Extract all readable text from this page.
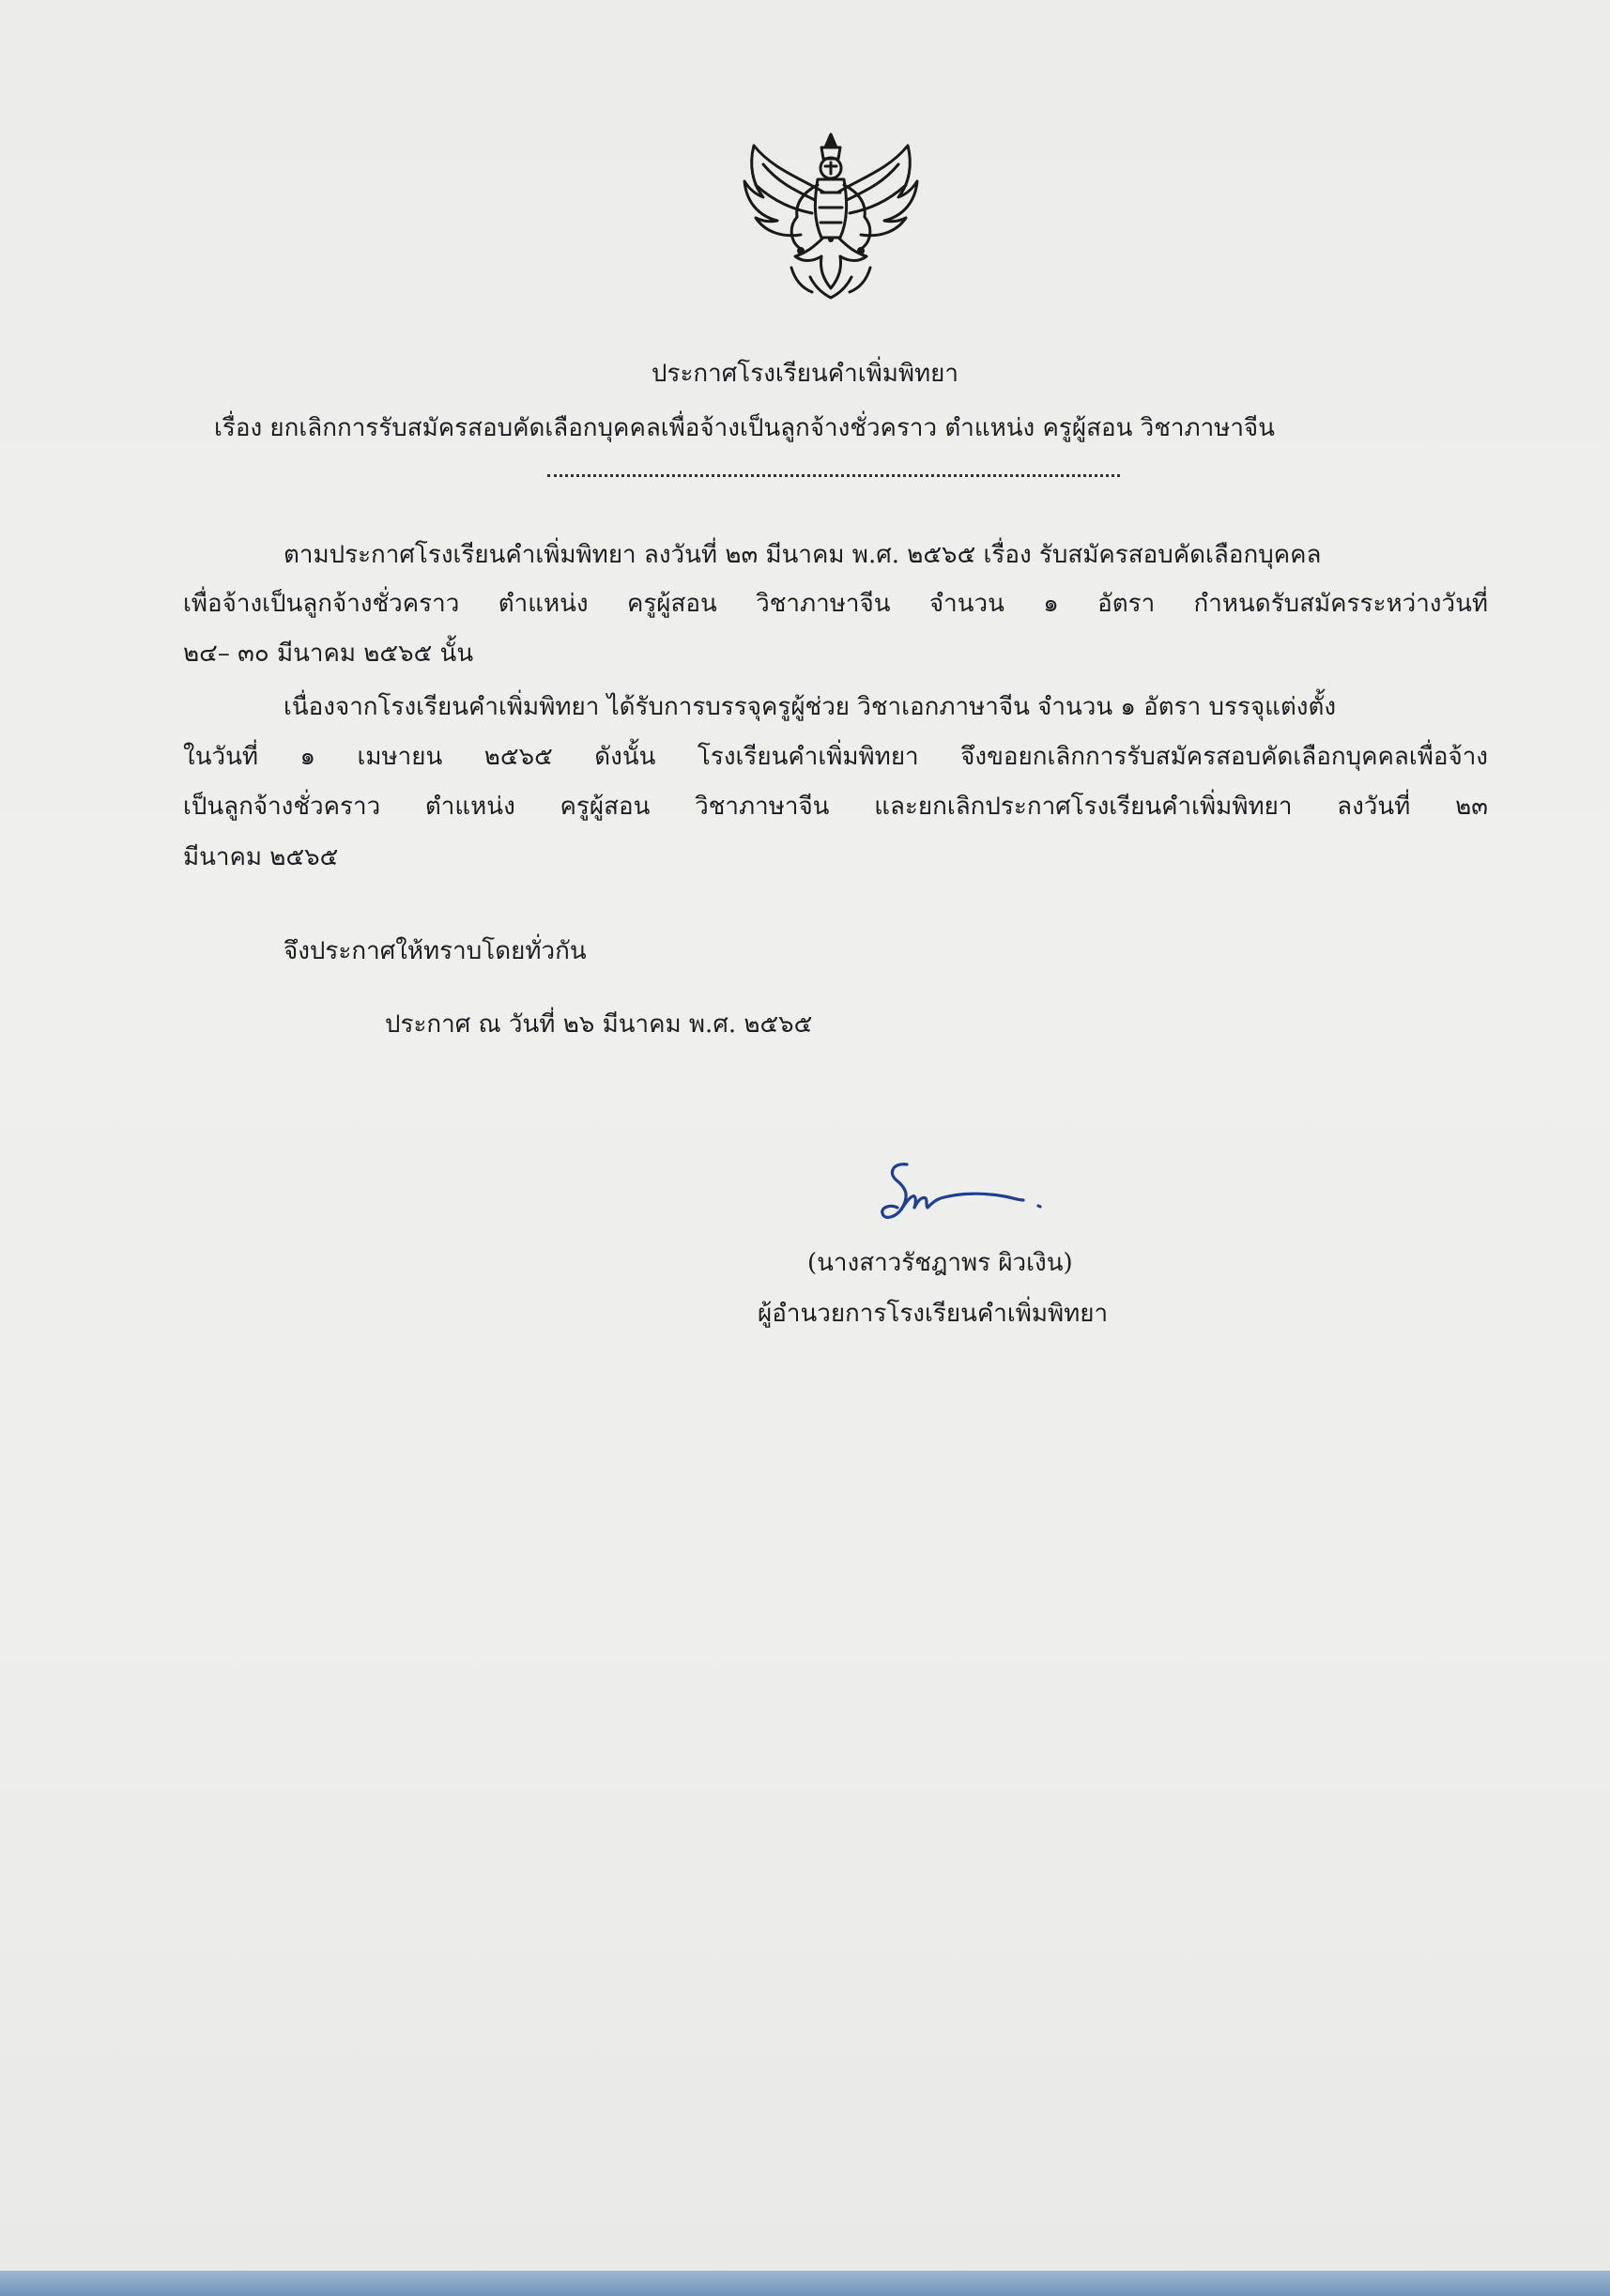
ประกาศโรงเรียนคำเพิ่มพิทยา
เรื่อง ยกเลิกการรับสมัครสอบคัดเลือกบุคคลเพื่อจ้างเป็นลูกจ้างชั่วคราว ตำแหน่ง ครูผู้สอน วิชาภาษาจีน
ตามประกาศโรงเรียนคำเพิ่มพิทยา ลงวันที่ ๒๓ มีนาคม พ.ศ. ๒๕๖๕ เรื่อง รับสมัครสอบคัดเลือกบุคคล
เพื่อจ้างเป็นลูกจ้างชั่วคราว ตำแหน่ง ครูผู้สอน วิชาภาษาจีน จำนวน ๑ อัตรา กำหนดรับสมัครระหว่างวันที่
๒๔– ๓๐ มีนาคม ๒๕๖๕ นั้น
เนื่องจากโรงเรียนคำเพิ่มพิทยา ได้รับการบรรจุครูผู้ช่วย วิชาเอกภาษาจีน จำนวน ๑ อัตรา บรรจุแต่งตั้ง
ในวันที่ ๑ เมษายน ๒๕๖๕ ดังนั้น โรงเรียนคำเพิ่มพิทยา จึงขอยกเลิกการรับสมัครสอบคัดเลือกบุคคลเพื่อจ้าง
เป็นลูกจ้างชั่วคราว ตำแหน่ง ครูผู้สอน วิชาภาษาจีน และยกเลิกประกาศโรงเรียนคำเพิ่มพิทยา ลงวันที่ ๒๓
มีนาคม ๒๕๖๕
จึงประกาศให้ทราบโดยทั่วกัน
ประกาศ ณ วันที่ ๒๖ มีนาคม พ.ศ. ๒๕๖๕
(นางสาวรัชฎาพร ผิวเงิน)
ผู้อำนวยการโรงเรียนคำเพิ่มพิทยา
